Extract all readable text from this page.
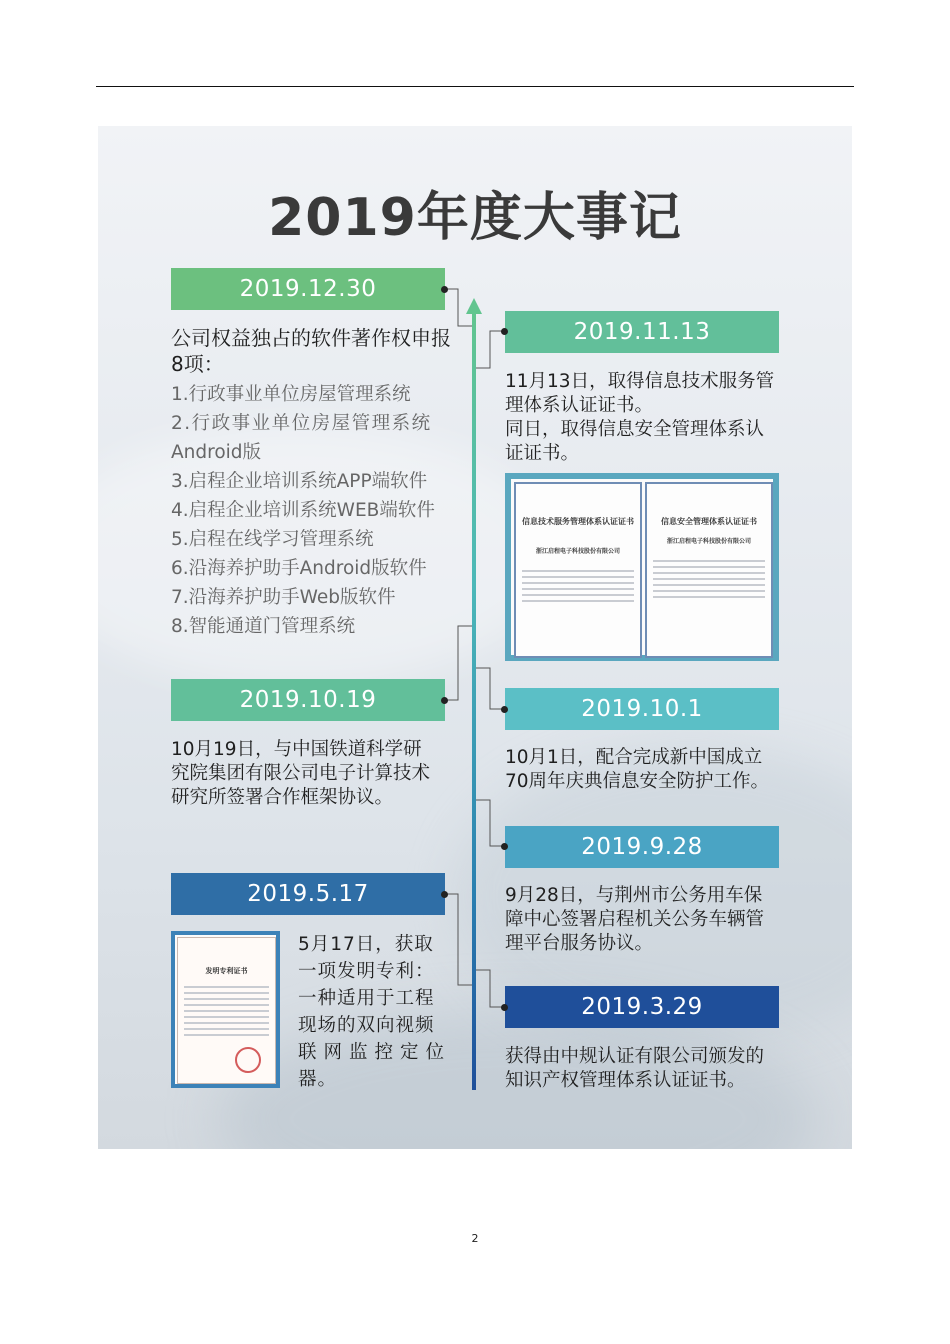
2019年度大事记
2019.12.30
公司权益独占的软件著作权申报8项：
1.行政事业单位房屋管理系统
2.行政事业单位房屋管理系统
Android版
3.启程企业培训系统APP端软件
4.启程企业培训系统WEB端软件
5.启程在线学习管理系统
6.沿海养护助手Android版软件
7.沿海养护助手Web版软件
8.智能通道门管理系统
2019.11.13
11月13日，取得信息技术服务管
理体系认证证书。
同日，取得信息安全管理体系认
证证书。
信息技术服务管理体系认证证书
浙江启程电子科技股份有限公司
信息安全管理体系认证证书
浙江启程电子科技股份有限公司
2019.10.19
10月19日，与中国铁道科学研
究院集团有限公司电子计算技术
研究所签署合作框架协议。
2019.10.1
10月1日，配合完成新中国成立
70周年庆典信息安全防护工作。
2019.9.28
9月28日，与荆州市公务用车保
障中心签署启程机关公务车辆管
理平台服务协议。
2019.5.17
发明专利证书
5月17日，获取
一项发明专利：
一种适用于工程
现场的双向视频
联网监控定位
器。
2019.3.29
获得由中规认证有限公司颁发的
知识产权管理体系认证证书。
2
